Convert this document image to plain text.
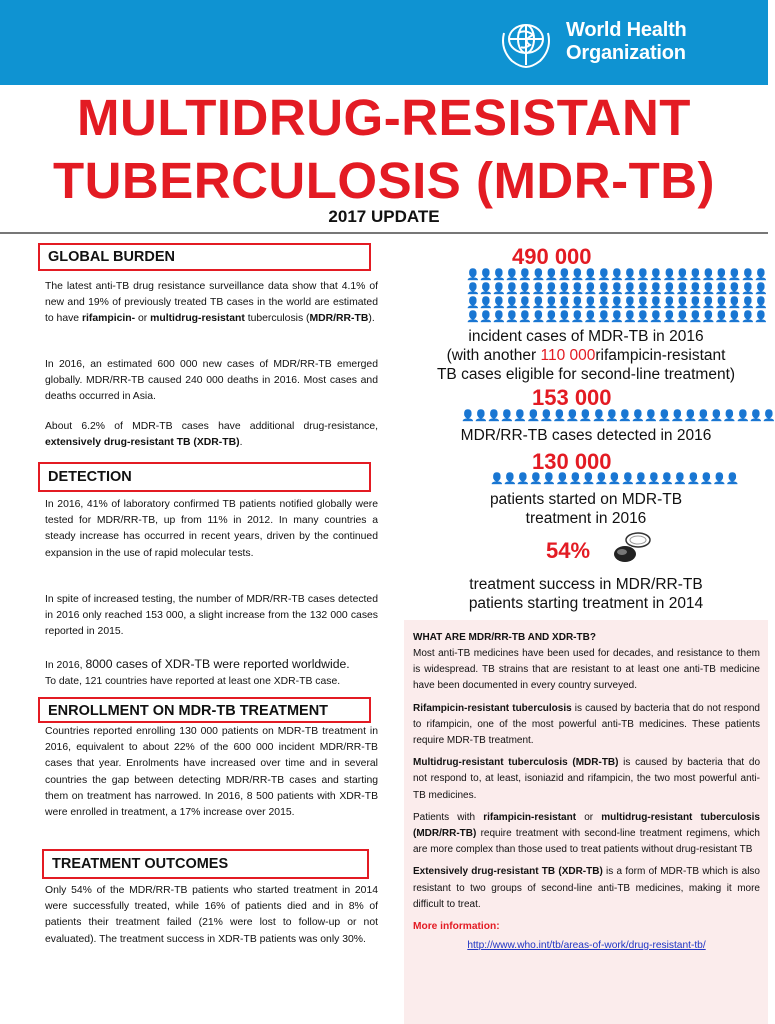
World Health
Organization
MULTIDRUG-RESISTANT
TUBERCULOSIS (MDR-TB)
2017 UPDATE
GLOBAL BURDEN
The latest anti-TB drug resistance surveillance data show that 4.1% of new and 19% of previously treated TB cases in the world are estimated to have rifampicin- or multidrug-resistant tuberculosis (MDR/RR-TB).
In 2016, an estimated 600 000 new cases of MDR/RR-TB emerged globally. MDR/RR-TB caused 240 000 deaths in 2016. Most cases and deaths occurred in Asia.
About 6.2% of MDR-TB cases have additional drug-resistance, extensively drug-resistant TB (XDR-TB).
DETECTION
In 2016, 41% of laboratory confirmed TB patients notified globally were tested for MDR/RR-TB, up from 11% in 2012. In many countries a steady increase has occurred in recent years, driven by the continued expansion in the use of rapid molecular tests.
In spite of increased testing, the number of MDR/RR-TB cases detected in 2016 only reached 153 000, a slight increase from the 132 000 cases reported in 2015.
In 2016, 8000 cases of XDR-TB were reported worldwide.
To date, 121 countries have reported at least one XDR-TB case.
ENROLLMENT ON MDR-TB TREATMENT
Countries reported enrolling 130 000 patients on MDR-TB treatment in 2016, equivalent to about 22% of the 600 000 incident MDR/RR-TB cases that year. Enrolments have increased over time and in several countries the gap between detecting MDR/RR-TB cases and starting them on treatment has narrowed. In 2016, 8 500 patients with XDR-TB were enrolled in treatment, a 17% increase over 2015.
TREATMENT OUTCOMES
Only 54% of the MDR/RR-TB patients who started treatment in 2014 were successfully treated, while 16% of patients died and in 8% of patients their treatment failed (21% were lost to follow-up or not evaluated). The treatment success in XDR-TB patients was only 30%.
490 000
👤👤👤👤👤👤👤👤👤👤👤👤👤👤👤👤👤👤👤👤👤👤👤
👤👤👤👤👤👤👤👤👤👤👤👤👤👤👤👤👤👤👤👤👤👤👤
👤👤👤👤👤👤👤👤👤👤👤👤👤👤👤👤👤👤👤👤👤👤👤
👤👤👤👤👤👤👤👤👤👤👤👤👤👤👤👤👤👤👤👤👤👤👤
incident cases of MDR-TB in 2016
(with another 110 000rifampicin-resistant
TB cases eligible for second-line treatment)
153 000
👤👤👤👤👤👤👤👤👤👤👤👤👤👤👤👤👤👤👤👤👤👤👤👤
MDR/RR-TB cases detected in 2016
130 000
👤👤👤👤👤👤👤👤👤👤👤👤👤👤👤👤👤👤👤
patients started on MDR-TB
treatment in 2016
54%
treatment success in MDR/RR-TB
patients starting treatment in 2014
WHAT ARE MDR/RR-TB AND XDR-TB?
Most anti-TB medicines have been used for decades, and resistance to them is widespread. TB strains that are resistant to at least one anti-TB medicine have been documented in every country surveyed.
Rifampicin-resistant tuberculosis is caused by bacteria that do not respond to rifampicin, one of the most powerful anti-TB medicines. These patients require MDR-TB treatment.
Multidrug-resistant tuberculosis (MDR-TB) is caused by bacteria that do not respond to, at least, isoniazid and rifampicin, the two most powerful anti-TB medicines.
Patients with rifampicin-resistant or multidrug-resistant tuberculosis (MDR/RR-TB) require treatment with second-line treatment regimens, which are more complex than those used to treat patients without drug-resistant TB
Extensively drug-resistant TB (XDR-TB) is a form of MDR-TB which is also resistant to two groups of second-line anti-TB medicines, making it more difficult to treat.
More information:
http://www.who.int/tb/areas-of-work/drug-resistant-tb/
